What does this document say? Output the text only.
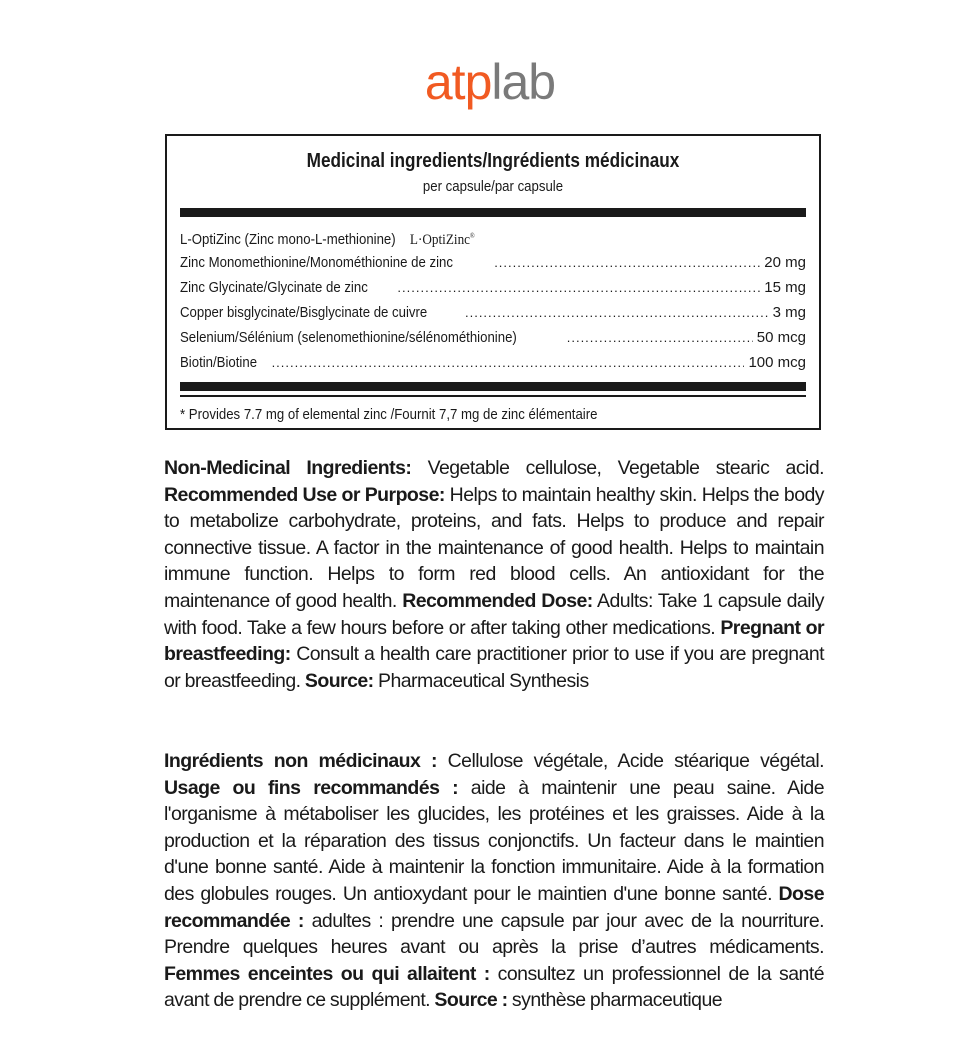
atplab
Medicinal ingredients/Ingrédients médicinaux
per capsule/par capsule
L-OptiZinc (Zinc mono-L-methionine) L·OptiZinc®
Zinc Monomethionine/Monométhionine de zinc .....	20 mg
Zinc Glycinate/Glycinate de zinc .....	15 mg
Copper bisglycinate/Bisglycinate de cuivre .....	3 mg
Selenium/Sélénium (selenomethionine/sélénométhionine) .....	50 mcg
Biotin/Biotine .....	100 mcg
* Provides 7.7 mg of elemental zinc /Fournit 7,7 mg de zinc élémentaire
Non-Medicinal Ingredients: Vegetable cellulose, Vegetable stearic acid. Recommended Use or Purpose: Helps to maintain healthy skin. Helps the body to metabolize carbohydrate, proteins, and fats. Helps to produce and repair connective tissue. A factor in the maintenance of good health. Helps to maintain immune function. Helps to form red blood cells. An antioxidant for the maintenance of good health. Recommended Dose: Adults: Take 1 capsule daily with food. Take a few hours before or after taking other medications. Pregnant or breastfeeding: Consult a health care practitioner prior to use if you are pregnant or breastfeeding. Source: Pharmaceutical Synthesis
Ingrédients non médicinaux : Cellulose végétale, Acide stéarique végétal. Usage ou fins recommandés : aide à maintenir une peau saine. Aide l'organisme à métaboliser les glucides, les protéines et les graisses. Aide à la production et la réparation des tissus conjonctifs. Un facteur dans le maintien d'une bonne santé. Aide à maintenir la fonction immunitaire. Aide à la formation des globules rouges. Un antioxydant pour le maintien d'une bonne santé. Dose recommandée : adultes : prendre une capsule par jour avec de la nourriture. Prendre quelques heures avant ou après la prise d’autres médicaments. Femmes enceintes ou qui allaitent : consultez un professionnel de la santé avant de prendre ce supplément. Source : synthèse pharmaceutique
